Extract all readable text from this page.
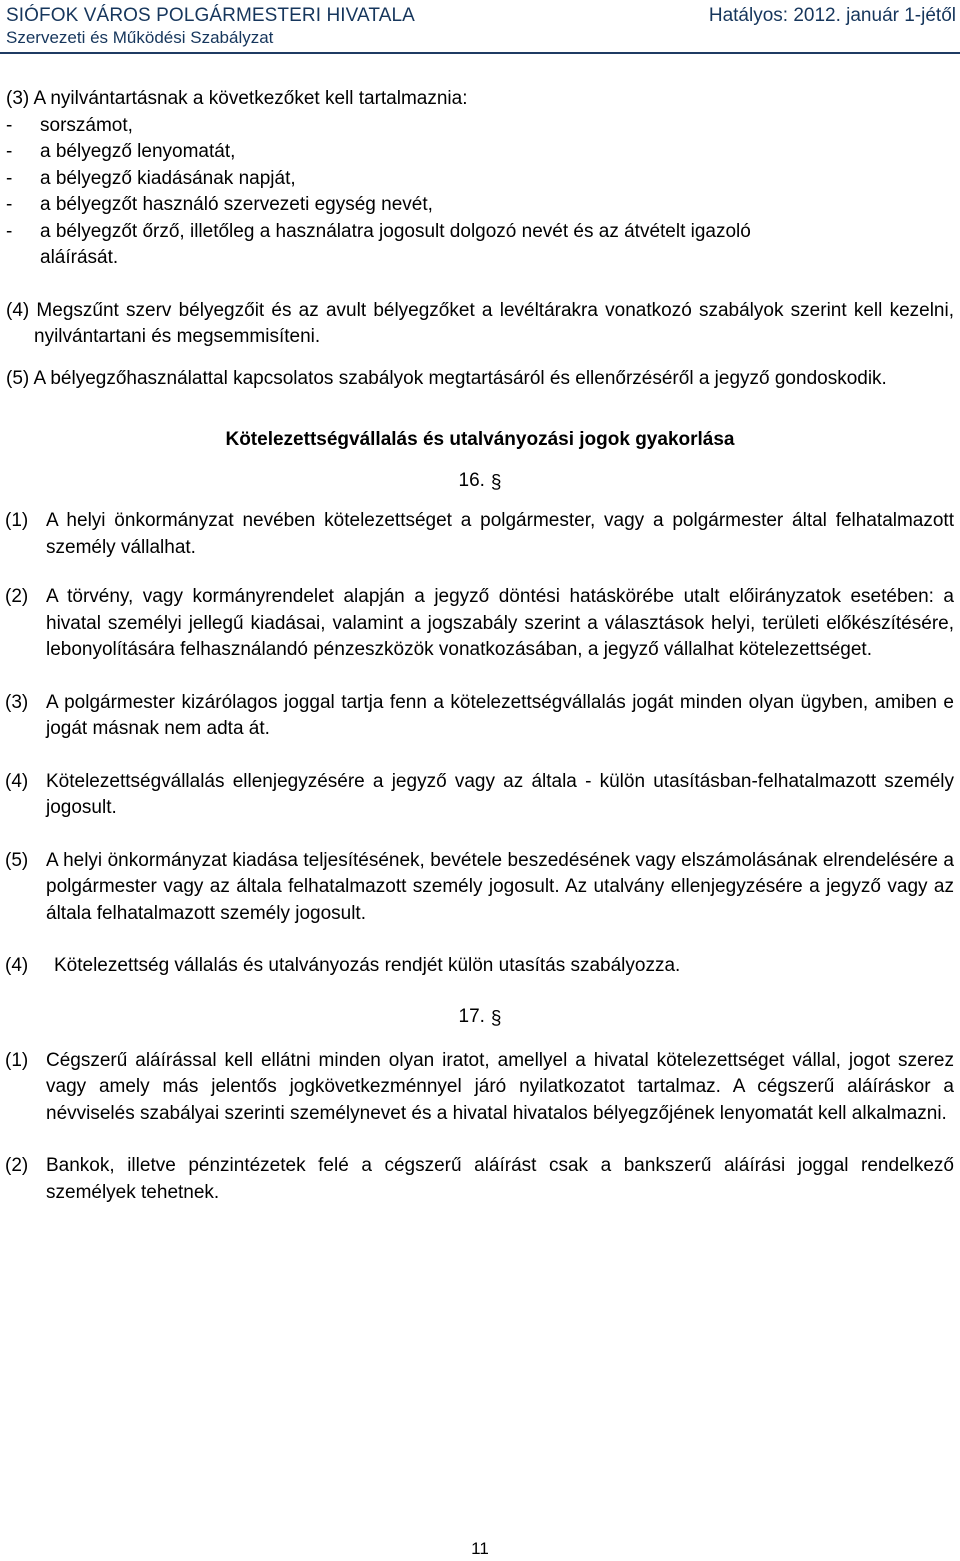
SIÓFOK VÁROS POLGÁRMESTERI HIVATALA
Szervezeti és Működési Szabályzat
Hatályos: 2012. január 1-jétől
(3) A nyilvántartásnak a következőket kell tartalmaznia:
-	sorszámot,
-	a bélyegző lenyomatát,
-	a bélyegző kiadásának napját,
-	a bélyegzőt használó szervezeti egység nevét,
-	a bélyegzőt őrző, illetőleg a használatra jogosult dolgozó nevét és az átvételt igazoló
aláírását.

(4) Megszűnt szerv bélyegzőit és az avult bélyegzőket a levéltárakra vonatkozó szabályok szerint kell kezelni, nyilvántartani és megsemmisíteni.

(5) A bélyegzőhasználattal kapcsolatos szabályok megtartásáról és ellenőrzéséről a jegyző gondoskodik.

Kötelezettségvállalás és utalványozási jogok gyakorlása
16. §
(1) A helyi önkormányzat nevében kötelezettséget a polgármester, vagy a polgármester által felhatalmazott személy vállalhat.
(2) A törvény, vagy kormányrendelet alapján a jegyző döntési hatáskörébe utalt előirányzatok esetében: a hivatal személyi jellegű kiadásai, valamint a jogszabály szerint a választások helyi, területi előkészítésére, lebonyolítására felhasználandó pénzeszközök vonatkozásában, a jegyző vállalhat kötelezettséget.
(3) A polgármester kizárólagos joggal tartja fenn a kötelezettségvállalás jogát minden olyan ügyben, amiben e jogát másnak nem adta át.
(4) Kötelezettségvállalás ellenjegyzésére a jegyző vagy az általa - külön utasításban-felhatalmazott személy jogosult.
(5) A helyi önkormányzat kiadása teljesítésének, bevétele beszedésének vagy elszámolásának elrendelésére a polgármester vagy az általa felhatalmazott személy jogosult. Az utalvány ellenjegyzésére a jegyző vagy az általa felhatalmazott személy jogosult.
(4)	Kötelezettség vállalás és utalványozás rendjét külön utasítás szabályozza.
17. §
(1) Cégszerű aláírással kell ellátni minden olyan iratot, amellyel a hivatal kötelezettséget vállal, jogot szerez vagy amely más jelentős jogkövetkezménnyel járó nyilatkozatot tartalmaz. A cégszerű aláíráskor a névviselés szabályai szerinti személynevet és a hivatal hivatalos bélyegzőjének lenyomatát kell alkalmazni.
(2) Bankok, illetve pénzintézetek felé a cégszerű aláírást csak a bankszerű aláírási joggal rendelkező személyek tehetnek.
11
